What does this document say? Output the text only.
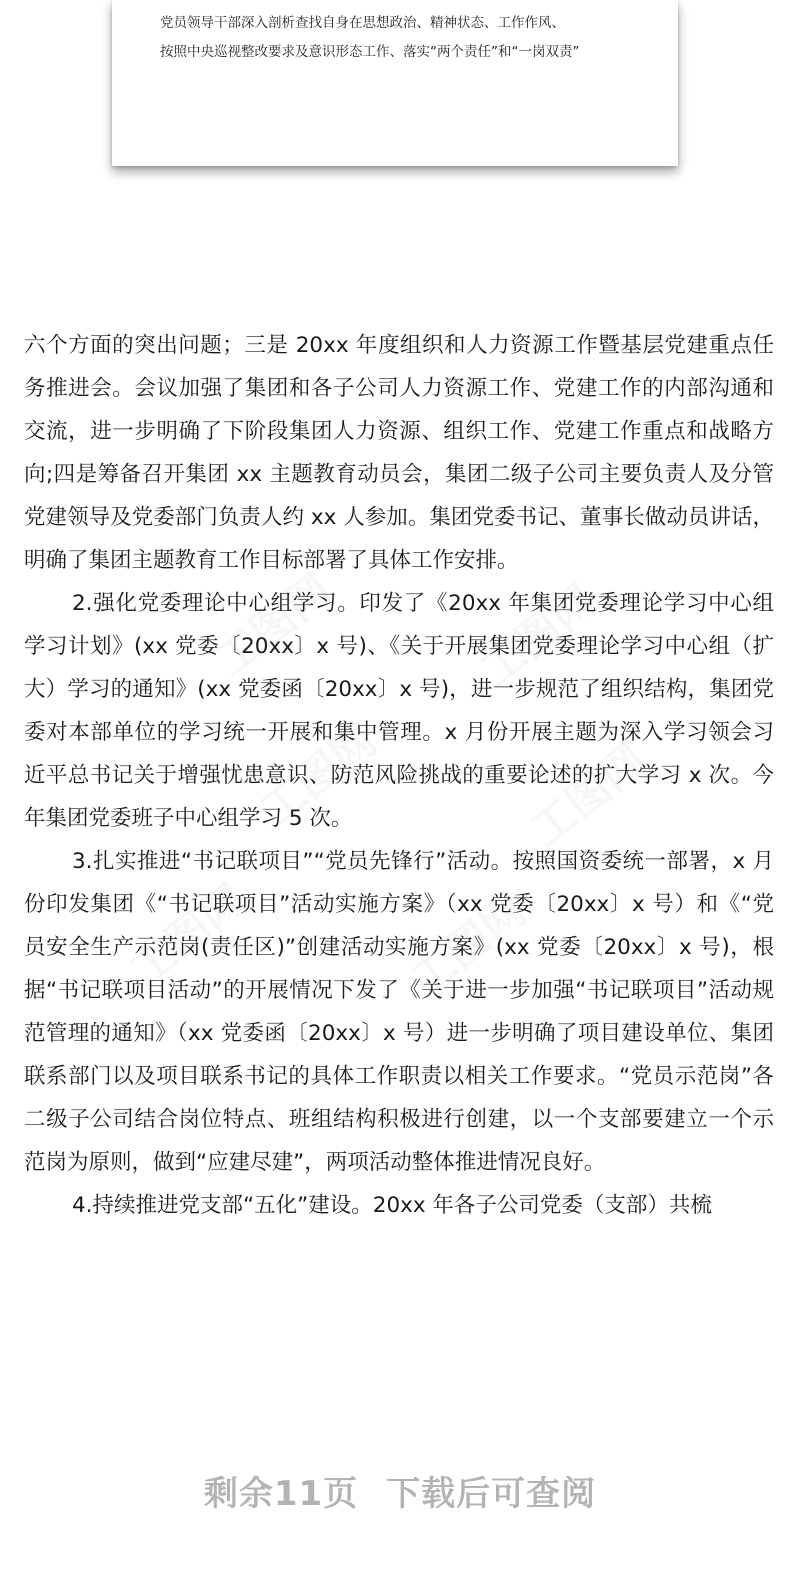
党员领导干部深入剖析查找自身在思想政治、精神状态、工作作风、
按照中央巡视整改要求及意识形态工作、落实“两个责任”和“一岗双责”

六个方面的突出问题；三是 20xx 年度组织和人力资源工作暨基层党建重点任务推进会。会议加强了集团和各子公司人力资源工作、党建工作的内部沟通和交流，进一步明确了下阶段集团人力资源、组织工作、党建工作重点和战略方向;四是筹备召开集团 xx 主题教育动员会，集团二级子公司主要负责人及分管党建领导及党委部门负责人约 xx 人参加。集团党委书记、董事长做动员讲话，明确了集团主题教育工作目标部署了具体工作安排。

2.强化党委理论中心组学习。印发了《20xx 年集团党委理论学习中心组学习计划》(xx 党委〔20xx〕x 号)、《关于开展集团党委理论学习中心组（扩大）学习的通知》(xx 党委函〔20xx〕x 号)，进一步规范了组织结构，集团党委对本部单位的学习统一开展和集中管理。x 月份开展主题为深入学习领会习近平总书记关于增强忧患意识、防范风险挑战的重要论述的扩大学习 x 次。今年集团党委班子中心组学习 5 次。

3.扎实推进“书记联项目”“党员先锋行”活动。按照国资委统一部署，x 月份印发集团《“书记联项目”活动实施方案》（xx 党委〔20xx〕x 号）和《“党员安全生产示范岗(责任区)”创建活动实施方案》(xx 党委〔20xx〕x 号)，根据“书记联项目活动”的开展情况下发了《关于进一步加强“书记联项目”活动规范管理的通知》（xx 党委函〔20xx〕x 号）进一步明确了项目建设单位、集团联系部门以及项目联系书记的具体工作职责以相关工作要求。“党员示范岗”各二级子公司结合岗位特点、班组结构积极进行创建，以一个支部要建立一个示范岗为原则，做到“应建尽建”，两项活动整体推进情况良好。

4.持续推进党支部“五化”建设。20xx 年各子公司党委（支部）共梳

剩余11页 下载后可查阅
